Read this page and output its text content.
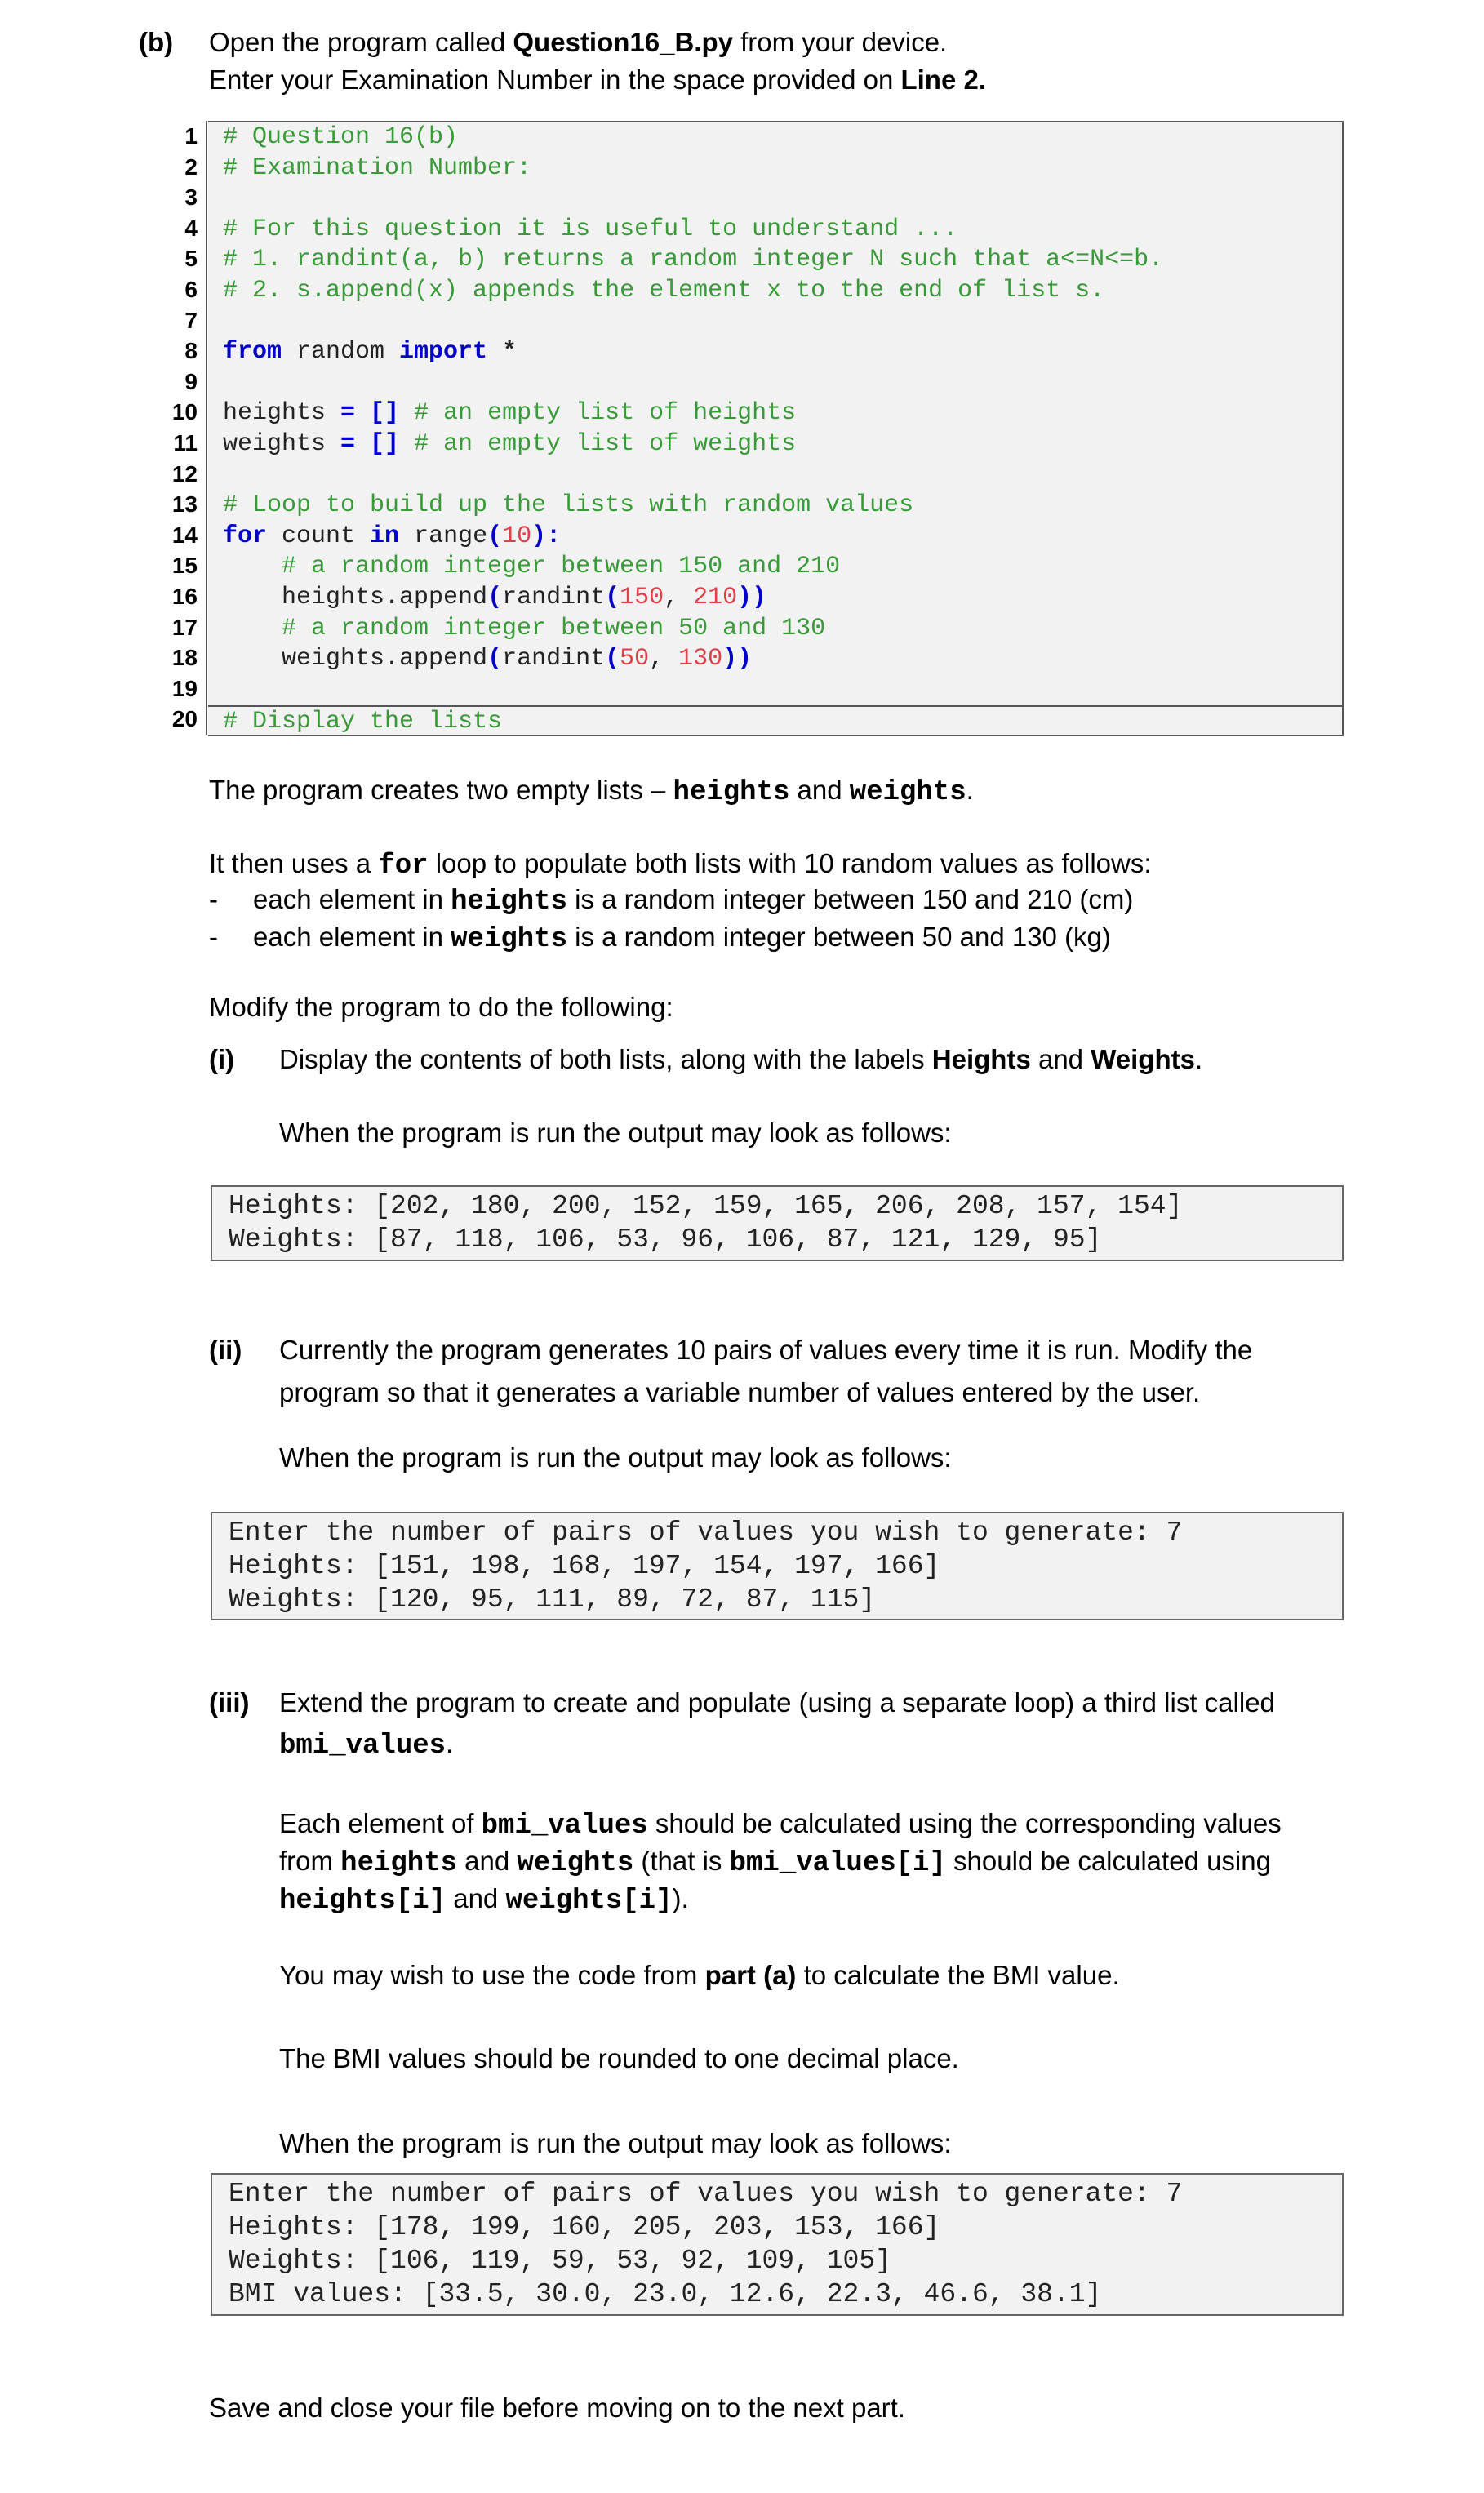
(b) Open the program called Question16_B.py from your device.
Enter your Examination Number in the space provided on Line 2.
1
2
3
4
5
6
7
8
9
10
11
12
13
14
15
16
17
18
19
20
# Question 16(b)
# Examination Number:
# For this question it is useful to understand ...
# 1. randint(a, b) returns a random integer N such that a<=N<=b.
# 2. s.append(x) appends the element x to the end of list s.
from random import *
heights = [] # an empty list of heights
weights = [] # an empty list of weights
# Loop to build up the lists with random values
for count in range(10):
# a random integer between 150 and 210
heights.append(randint(150, 210))
# a random integer between 50 and 130
weights.append(randint(50, 130))
# Display the lists
The program creates two empty lists – heights and weights.
It then uses a for loop to populate both lists with 10 random values as follows:
- each element in heights is a random integer between 150 and 210 (cm)
- each element in weights is a random integer between 50 and 130 (kg)
Modify the program to do the following:
(i) Display the contents of both lists, along with the labels Heights and Weights.
When the program is run the output may look as follows:
Heights: [202, 180, 200, 152, 159, 165, 206, 208, 157, 154]
Weights: [87, 118, 106, 53, 96, 106, 87, 121, 129, 95]
(ii) Currently the program generates 10 pairs of values every time it is run. Modify the
program so that it generates a variable number of values entered by the user.
When the program is run the output may look as follows:
Enter the number of pairs of values you wish to generate: 7
Heights: [151, 198, 168, 197, 154, 197, 166]
Weights: [120, 95, 111, 89, 72, 87, 115]
(iii) Extend the program to create and populate (using a separate loop) a third list called
bmi_values.
Each element of bmi_values should be calculated using the corresponding values
from heights and weights (that is bmi_values[i] should be calculated using
heights[i] and weights[i]).
You may wish to use the code from part (a) to calculate the BMI value.
The BMI values should be rounded to one decimal place.
When the program is run the output may look as follows:
Enter the number of pairs of values you wish to generate: 7
Heights: [178, 199, 160, 205, 203, 153, 166]
Weights: [106, 119, 59, 53, 92, 109, 105]
BMI values: [33.5, 30.0, 23.0, 12.6, 22.3, 46.6, 38.1]
Save and close your file before moving on to the next part.
